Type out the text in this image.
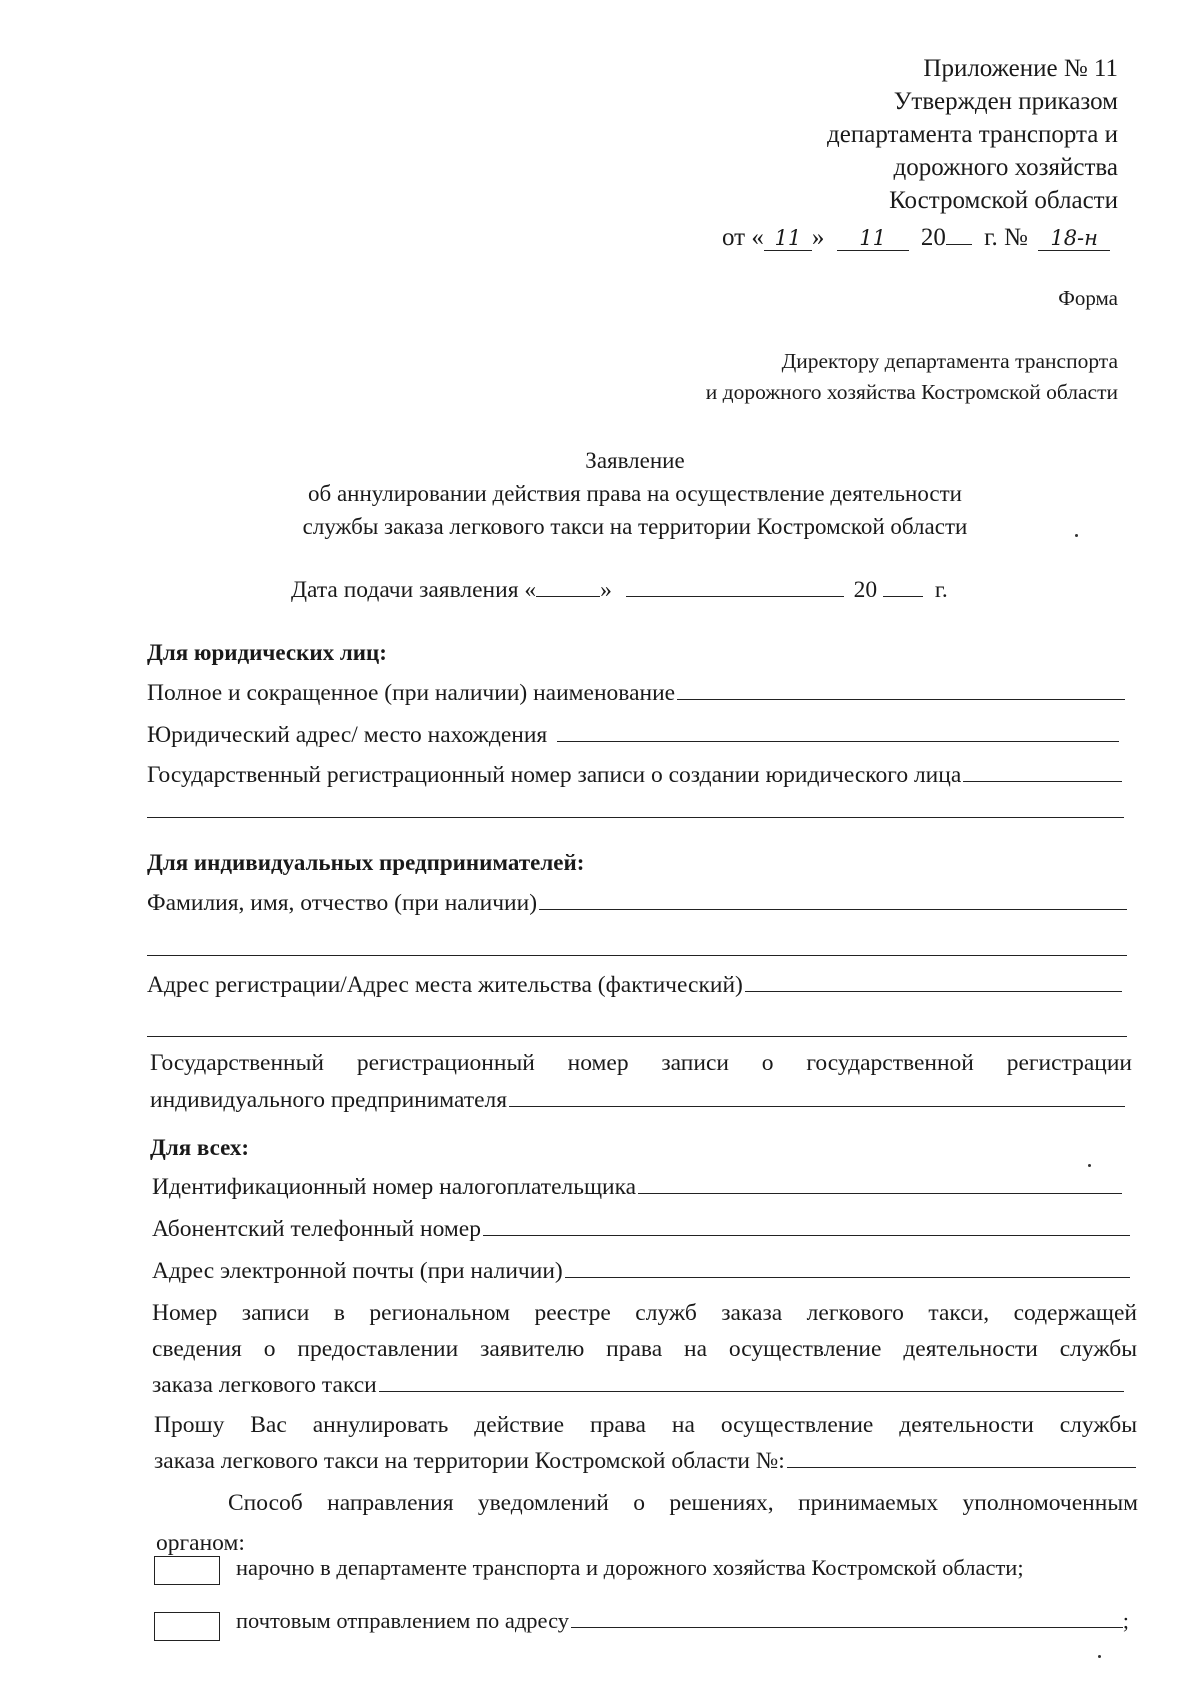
Приложение № 11
Утвержден приказом
департамента транспорта и
дорожного хозяйства
Костромской области
от « 11 » 11 20 г. № 18-н
Форма
Директору департамента транспорта
и дорожного хозяйства Костромской области
Заявление
об аннулировании действия права на осуществление деятельности
службы заказа легкового такси на территории Костромской области
Дата подачи заявления «	»	20 г.
Для юридических лиц:
Полное и сокращенное (при наличии) наименование
Юридический адрес/ место нахождения
Государственный регистрационный номер записи о создании юридического лица
Для индивидуальных предпринимателей:
Фамилия, имя, отчество (при наличии)
Адрес регистрации/Адрес места жительства (фактический)
Государственный регистрационный номер записи о государственной регистрации
индивидуального предпринимателя
Для всех:
Идентификационный номер налогоплательщика
Абонентский телефонный номер
Адрес электронной почты (при наличии)
Номер записи в региональном реестре служб заказа легкового такси, содержащей
сведения о предоставлении заявителю права на осуществление деятельности службы
заказа легкового такси
Прошу Вас аннулировать действие права на осуществление деятельности службы
заказа легкового такси на территории Костромской области №:
Способ направления уведомлений о решениях, принимаемых уполномоченным
органом:
нарочно в департаменте транспорта и дорожного хозяйства Костромской области;
почтовым отправлением по адресу	;
